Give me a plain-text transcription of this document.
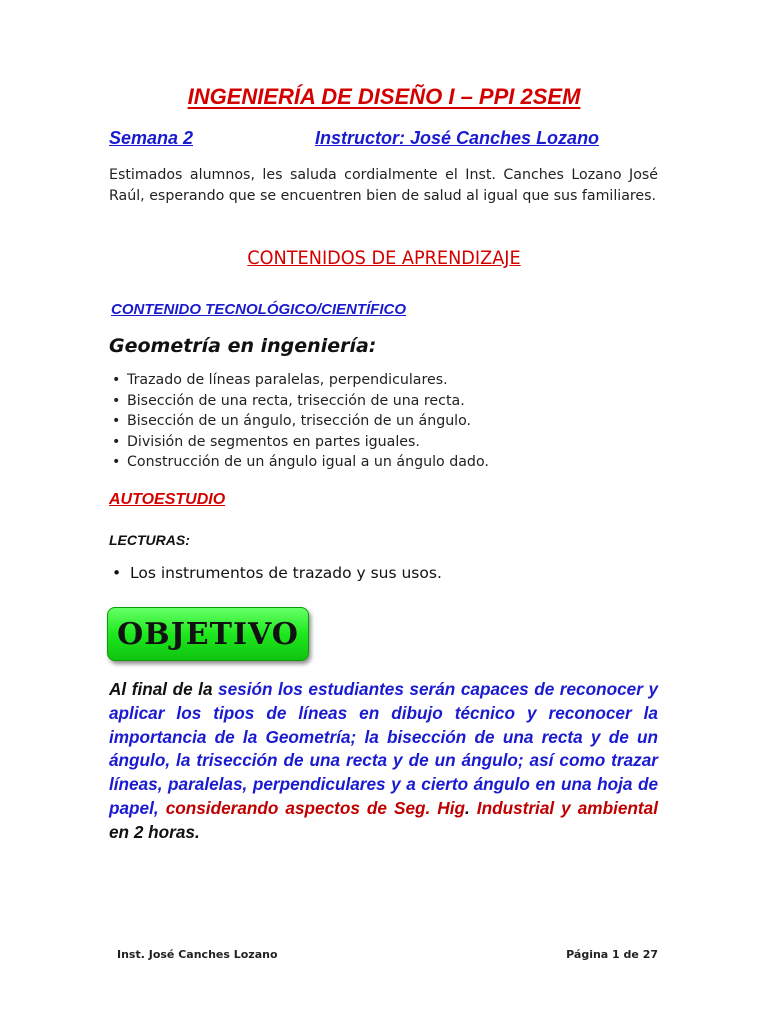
INGENIERÍA DE DISEÑO I – PPI 2SEM
Semana 2	Instructor: José Canches Lozano
Estimados alumnos, les saluda cordialmente el Inst. Canches Lozano José Raúl, esperando que se encuentren bien de salud al igual que sus familiares.
CONTENIDOS DE APRENDIZAJE
CONTENIDO TECNOLÓGICO/CIENTÍFICO
Geometría en ingeniería:
• Trazado de líneas paralelas, perpendiculares.
• Bisección de una recta, trisección de una recta.
• Bisección de un ángulo, trisección de un ángulo.
• División de segmentos en partes iguales.
• Construcción de un ángulo igual a un ángulo dado.
AUTOESTUDIO
LECTURAS:
• Los instrumentos de trazado y sus usos.
OBJETIVO
Al final de la sesión los estudiantes serán capaces de reconocer y aplicar los tipos de líneas en dibujo técnico y reconocer la importancia de la Geometría; la bisección de una recta y de un ángulo, la trisección de una recta y de un ángulo; así como trazar líneas, paralelas, perpendiculares y a cierto ángulo en una hoja de papel, considerando aspectos de Seg. Hig. Industrial y ambiental en 2 horas.
Inst. José Canches Lozano	Página 1 de 27
